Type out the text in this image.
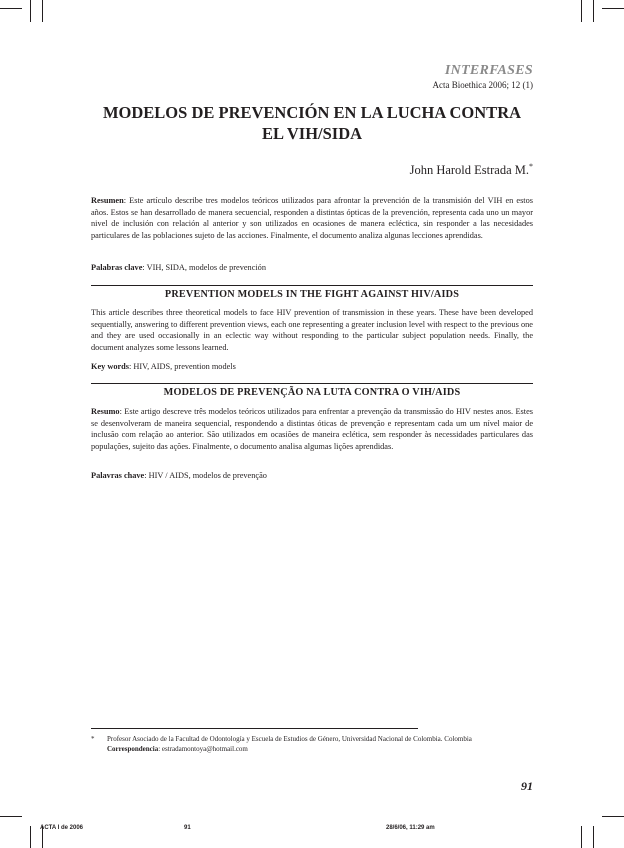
INTERFASES
Acta Bioethica 2006; 12 (1)
MODELOS DE PREVENCIÓN EN LA LUCHA CONTRA EL VIH/SIDA
John Harold Estrada M.*

Resumen: Este artículo describe tres modelos teóricos utilizados para afrontar la prevención de la transmisión del VIH en estos años. Estos se han desarrollado de manera secuencial, responden a distintas ópticas de la prevención, representa cada uno un mayor nivel de inclusión con relación al anterior y son utilizados en ocasiones de manera ecléctica, sin responder a las necesidades particulares de las poblaciones sujeto de las acciones. Finalmente, el documento analiza algunas lecciones aprendidas.

Palabras clave: VIH, SIDA, modelos de prevención

PREVENTION MODELS IN THE FIGHT AGAINST HIV/AIDS

This article describes three theoretical models to face HIV prevention of transmission in these years. These have been developed sequentially, answering to different prevention views, each one representing a greater inclusion level with respect to the previous one and they are used occasionally in an eclectic way without responding to the particular subject population needs. Finally, the document analyzes some lessons learned.

Key words: HIV, AIDS, prevention models

MODELOS DE PREVENÇÃO NA LUTA CONTRA O VIH/AIDS

Resumo: Este artigo descreve três modelos teóricos utilizados para enfrentar a prevenção da transmissão do HIV nestes anos. Estes se desenvolveram de maneira sequencial, respondendo a distintas óticas de prevenção e representam cada um um nível maior de inclusão com relação ao anterior. São utilizados em ocasiões de maneira eclética, sem responder às necessidades particulares das populações, sujeito das ações. Finalmente, o documento analisa algumas lições aprendidas.

Palavras chave: HIV / AIDS, modelos de prevenção

* Profesor Asociado de la Facultad de Odontología y Escuela de Estudios de Género, Universidad Nacional de Colombia. Colombia
Correspondencia: estradamontoya@hotmail.com
91
ACTA I de 2006	91	28/6/06, 11:29 am
